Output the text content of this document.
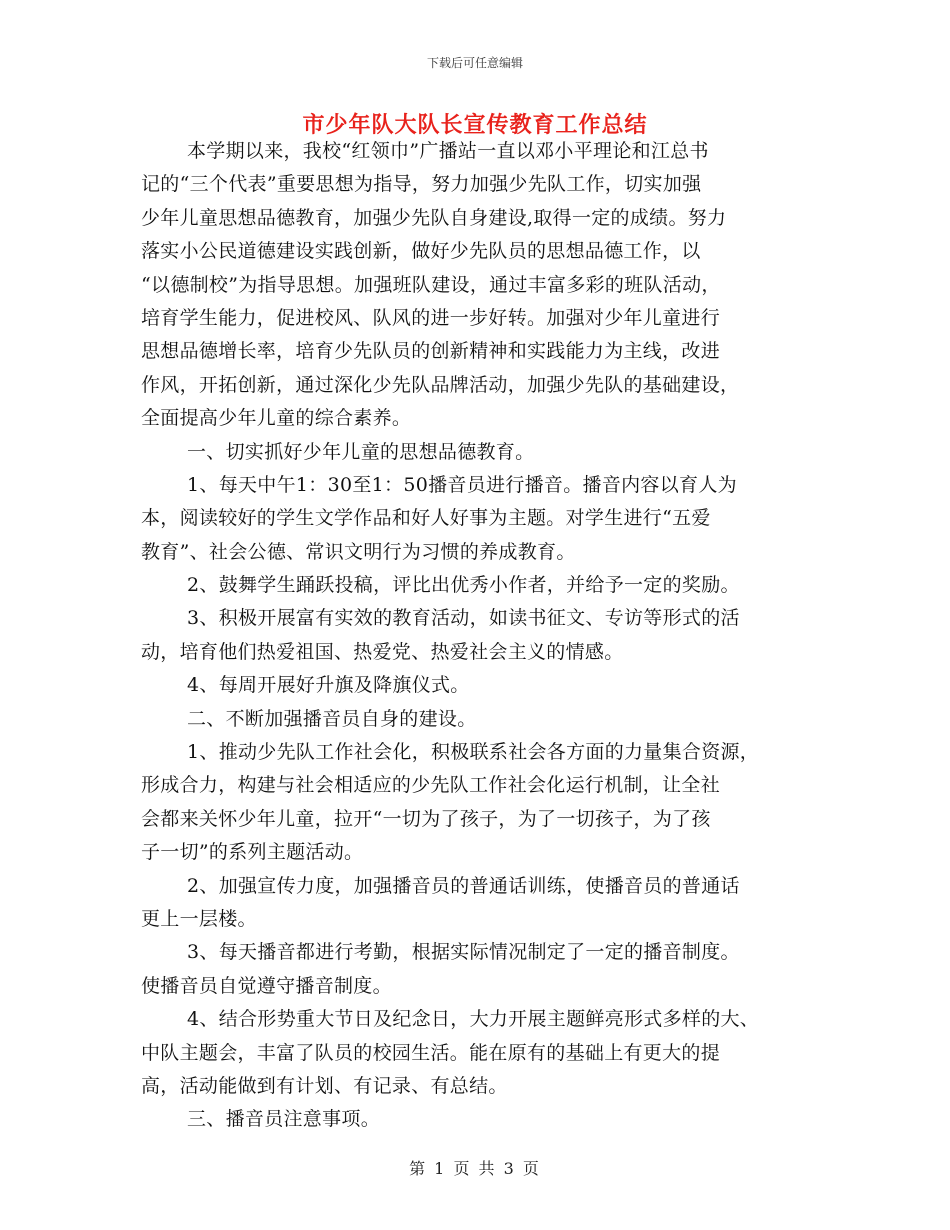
下载后可任意编辑
市少年队大队长宣传教育工作总结
本学期以来，我校“红领巾”广播站一直以邓小平理论和江总书
记的“三个代表”重要思想为指导，努力加强少先队工作，切实加强
少年儿童思想品德教育，加强少先队自身建设,取得一定的成绩。努力
落实小公民道德建设实践创新，做好少先队员的思想品德工作，以
“以德制校”为指导思想。加强班队建设，通过丰富多彩的班队活动，
培育学生能力，促进校风、队风的进一步好转。加强对少年儿童进行
思想品德增长率，培育少先队员的创新精神和实践能力为主线，改进
作风，开拓创新，通过深化少先队品牌活动，加强少先队的基础建设，
全面提高少年儿童的综合素养。
一、切实抓好少年儿童的思想品德教育。
1、每天中午1：30至1：50播音员进行播音。播音内容以育人为
本，阅读较好的学生文学作品和好人好事为主题。对学生进行“五爱
教育”、社会公德、常识文明行为习惯的养成教育。
2、鼓舞学生踊跃投稿，评比出优秀小作者，并给予一定的奖励。
3、积极开展富有实效的教育活动，如读书征文、专访等形式的活
动，培育他们热爱祖国、热爱党、热爱社会主义的情感。
4、每周开展好升旗及降旗仪式。
二、不断加强播音员自身的建设。
1、推动少先队工作社会化，积极联系社会各方面的力量集合资源，
形成合力，构建与社会相适应的少先队工作社会化运行机制，让全社
会都来关怀少年儿童，拉开“一切为了孩子，为了一切孩子，为了孩
子一切”的系列主题活动。
2、加强宣传力度，加强播音员的普通话训练，使播音员的普通话
更上一层楼。
3、每天播音都进行考勤，根据实际情况制定了一定的播音制度。
使播音员自觉遵守播音制度。
4、结合形势重大节日及纪念日，大力开展主题鲜亮形式多样的大、
中队主题会，丰富了队员的校园生活。能在原有的基础上有更大的提
高，活动能做到有计划、有记录、有总结。
三、播音员注意事项。
第 1 页 共 3 页
